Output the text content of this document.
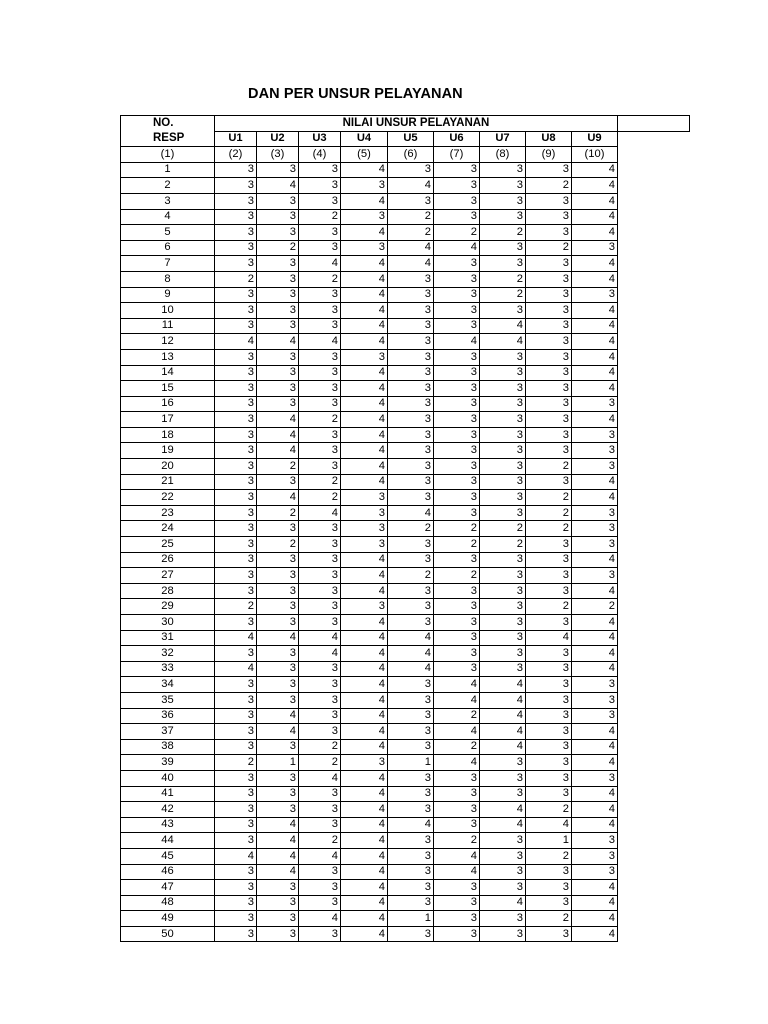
DAN PER UNSUR PELAYANAN
NO.
RESP	NILAI UNSUR PELAYANAN									
	U1	U2	U3	U4	U5	U6	U7	U8	U9	
(1)	(2)	(3)	(4)	(5)	(6)	(7)	(8)	(9)	(10)	
1	3	3	3	4	3	3	3	3	4	
2	3	4	3	3	4	3	3	2	4	
3	3	3	3	4	3	3	3	3	4	
4	3	3	2	3	2	3	3	3	4	
5	3	3	3	4	2	2	2	3	4	
6	3	2	3	3	4	4	3	2	3	
7	3	3	4	4	4	3	3	3	4	
8	2	3	2	4	3	3	2	3	4	
9	3	3	3	4	3	3	2	3	3	
10	3	3	3	4	3	3	3	3	4	
11	3	3	3	4	3	3	4	3	4	
12	4	4	4	4	3	4	4	3	4	
13	3	3	3	3	3	3	3	3	4	
14	3	3	3	4	3	3	3	3	4	
15	3	3	3	4	3	3	3	3	4	
16	3	3	3	4	3	3	3	3	3	
17	3	4	2	4	3	3	3	3	4	
18	3	4	3	4	3	3	3	3	3	
19	3	4	3	4	3	3	3	3	3	
20	3	2	3	4	3	3	3	2	3	
21	3	3	2	4	3	3	3	3	4	
22	3	4	2	3	3	3	3	2	4	
23	3	2	4	3	4	3	3	2	3	
24	3	3	3	3	2	2	2	2	3	
25	3	2	3	3	3	2	2	3	3	
26	3	3	3	4	3	3	3	3	4	
27	3	3	3	4	2	2	3	3	3	
28	3	3	3	4	3	3	3	3	4	
29	2	3	3	3	3	3	3	2	2	
30	3	3	3	4	3	3	3	3	4	
31	4	4	4	4	4	3	3	4	4	
32	3	3	4	4	4	3	3	3	4	
33	4	3	3	4	4	3	3	3	4	
34	3	3	3	4	3	4	4	3	3	
35	3	3	3	4	3	4	4	3	3	
36	3	4	3	4	3	2	4	3	3	
37	3	4	3	4	3	4	4	3	4	
38	3	3	2	4	3	2	4	3	4	
39	2	1	2	3	1	4	3	3	4	
40	3	3	4	4	3	3	3	3	3	
41	3	3	3	4	3	3	3	3	4	
42	3	3	3	4	3	3	4	2	4	
43	3	4	3	4	4	3	4	4	4	
44	3	4	2	4	3	2	3	1	3	
45	4	4	4	4	3	4	3	2	3	
46	3	4	3	4	3	4	3	3	3	
47	3	3	3	4	3	3	3	3	4	
48	3	3	3	4	3	3	4	3	4	
49	3	3	4	4	1	3	3	2	4	
50	3	3	3	4	3	3	3	3	4	
